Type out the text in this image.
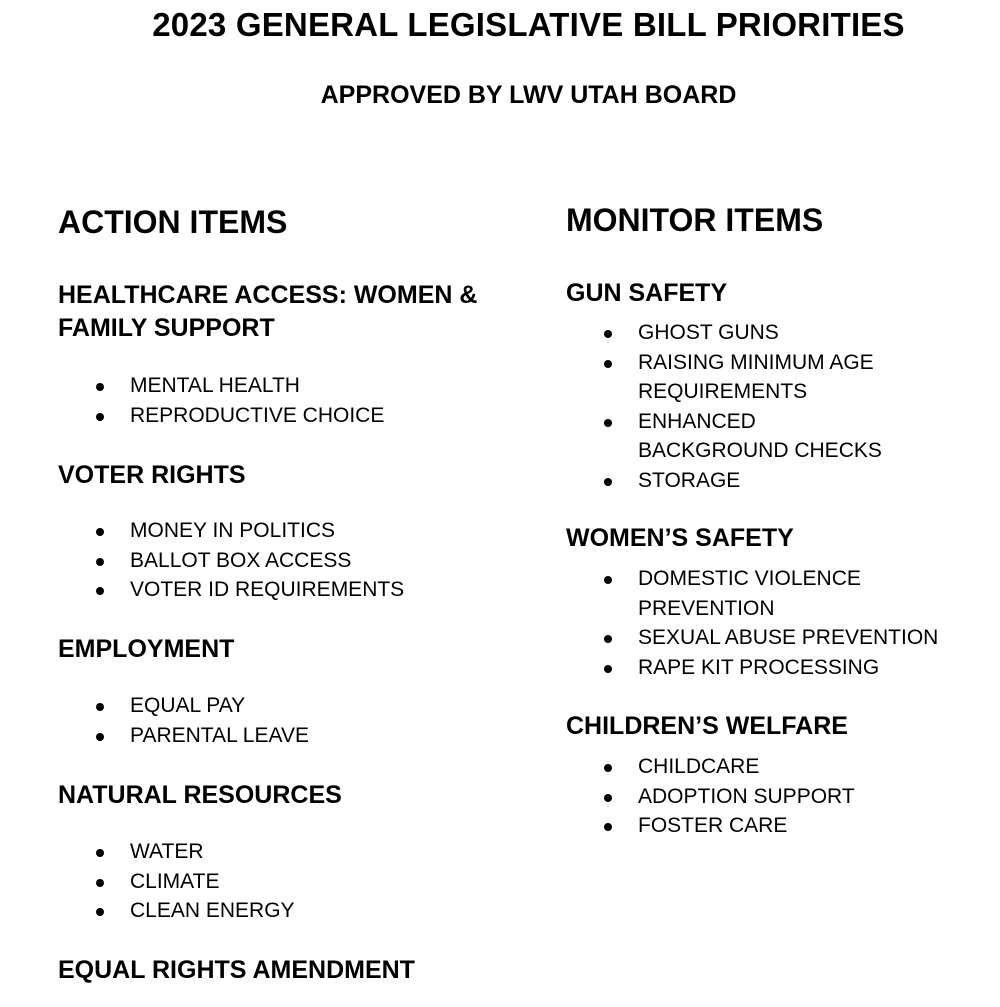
2023 GENERAL LEGISLATIVE BILL PRIORITIES
APPROVED BY LWV UTAH BOARD
ACTION ITEMS
HEALTHCARE ACCESS: WOMEN & FAMILY SUPPORT
MENTAL HEALTH
REPRODUCTIVE CHOICE
VOTER RIGHTS
MONEY IN POLITICS
BALLOT BOX ACCESS
VOTER ID REQUIREMENTS
EMPLOYMENT
EQUAL PAY
PARENTAL LEAVE
NATURAL RESOURCES
WATER
CLIMATE
CLEAN ENERGY
EQUAL RIGHTS AMENDMENT
MONITOR ITEMS
GUN SAFETY
GHOST GUNS
RAISING MINIMUM AGE REQUIREMENTS
ENHANCED BACKGROUND CHECKS
STORAGE
WOMEN’S SAFETY
DOMESTIC VIOLENCE PREVENTION
SEXUAL ABUSE PREVENTION
RAPE KIT PROCESSING
CHILDREN’S WELFARE
CHILDCARE
ADOPTION SUPPORT
FOSTER CARE
